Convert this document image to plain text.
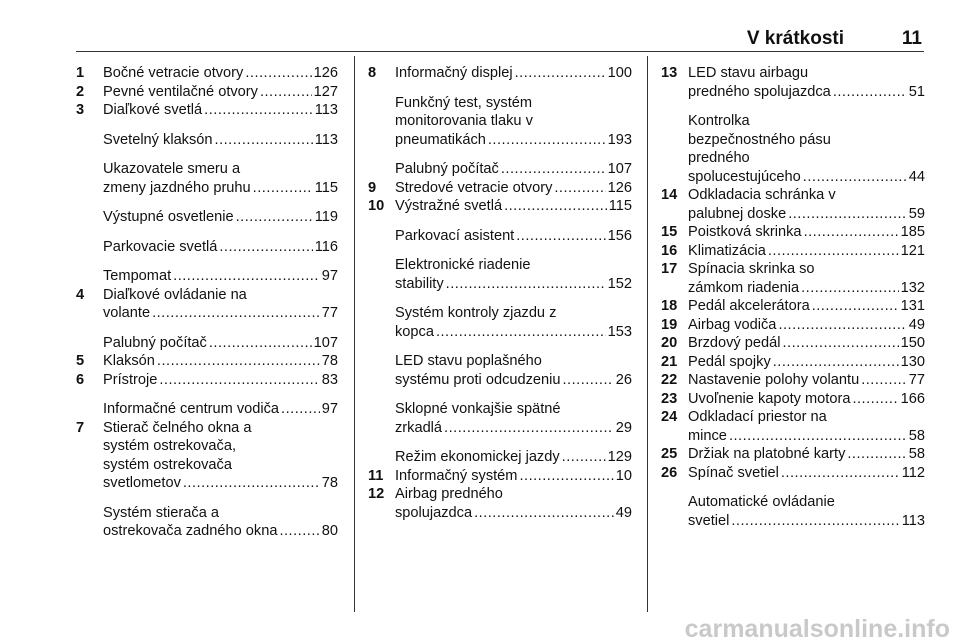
V krátkosti	11
1 Bočné vetracie otvory .....	126
2 Pevné ventilačné otvory .....	127
3 Diaľkové svetlá .....	113
Svetelný klaksón .....	113
Ukazovatele smeru a
zmeny jazdného pruhu .....	115
Výstupné osvetlenie .....	119
Parkovacie svetlá .....	116
Tempomat .....	97
4 Diaľkové ovládanie na
volante .....	77
Palubný počítač .....	107
5 Klaksón .....	78
6 Prístroje .....	83
Informačné centrum vodiča .....	97
7 Stierač čelného okna a
systém ostrekovača,
systém ostrekovača
svetlometov .....	78
Systém stierača a
ostrekovača zadného okna .....	80
8 Informačný displej .....	100
Funkčný test, systém
monitorovania tlaku v
pneumatikách .....	193
Palubný počítač .....	107
9 Stredové vetracie otvory .....	126
10 Výstražné svetlá .....	115
Parkovací asistent .....	156
Elektronické riadenie
stability .....	152
Systém kontroly zjazdu z
kopca .....	153
LED stavu poplašného
systému proti odcudzeniu .....	26
Sklopné vonkajšie spätné
zrkadlá .....	29
Režim ekonomickej jazdy .....	129
11 Informačný systém .....	10
12 Airbag predného
spolujazdca .....	49
13 LED stavu airbagu
predného spolujazdca .....	51
Kontrolka
bezpečnostného pásu
predného
spolucestujúceho .....	44
14 Odkladacia schránka v
palubnej doske .....	59
15 Poistková skrinka .....	185
16 Klimatizácia .....	121
17 Spínacia skrinka so
zámkom riadenia .....	132
18 Pedál akcelerátora .....	131
19 Airbag vodiča .....	49
20 Brzdový pedál .....	150
21 Pedál spojky .....	130
22 Nastavenie polohy volantu .....	77
23 Uvoľnenie kapoty motora .....	166
24 Odkladací priestor na
mince .....	58
25 Držiak na platobné karty .....	58
26 Spínač svetiel .....	112
Automatické ovládanie
svetiel .....	113
carmanualsonline.info
